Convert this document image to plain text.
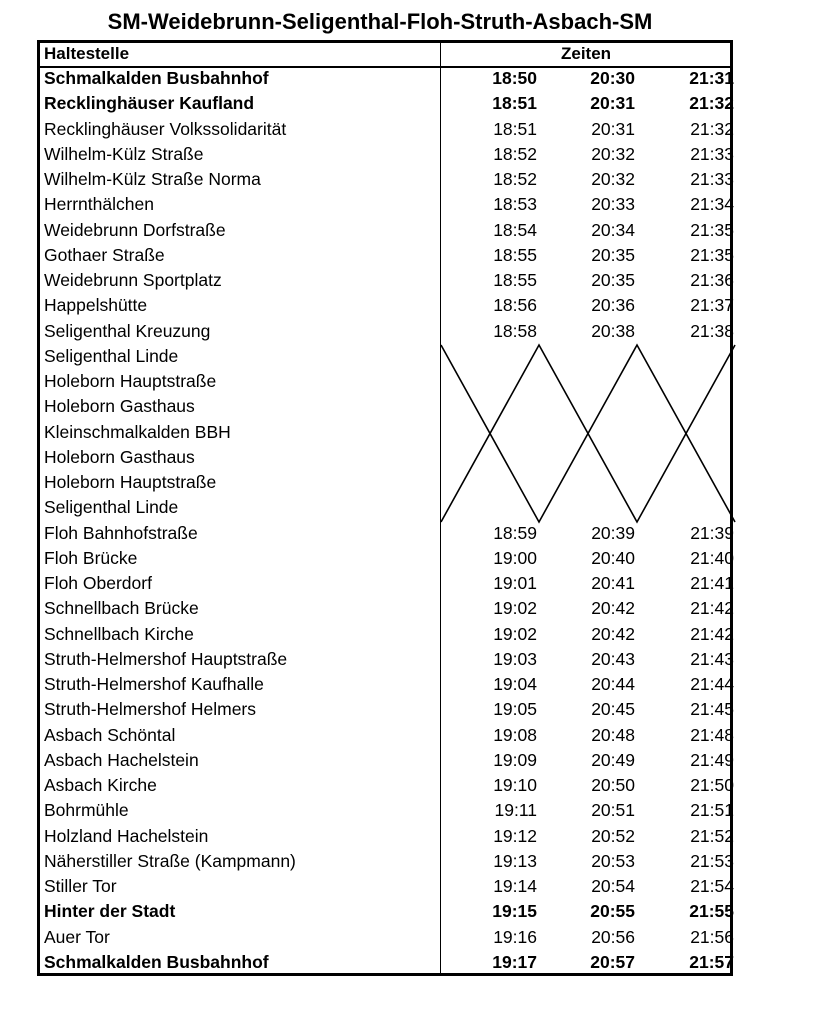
SM-Weidebrunn-Seligenthal-Floh-Struth-Asbach-SM
Haltestelle	Zeiten
Schmalkalden Busbahnhof	18:50	20:30	21:31
Recklinghäuser Kaufland	18:51	20:31	21:32
Recklinghäuser Volkssolidarität	18:51	20:31	21:32
Wilhelm-Külz Straße	18:52	20:32	21:33
Wilhelm-Külz Straße Norma	18:52	20:32	21:33
Herrnthälchen	18:53	20:33	21:34
Weidebrunn Dorfstraße	18:54	20:34	21:35
Gothaer Straße	18:55	20:35	21:35
Weidebrunn Sportplatz	18:55	20:35	21:36
Happelshütte	18:56	20:36	21:37
Seligenthal Kreuzung	18:58	20:38	21:38
Seligenthal Linde
Holeborn Hauptstraße
Holeborn Gasthaus
Kleinschmalkalden BBH
Holeborn Gasthaus
Holeborn Hauptstraße
Seligenthal Linde
Floh Bahnhofstraße	18:59	20:39	21:39
Floh Brücke	19:00	20:40	21:40
Floh Oberdorf	19:01	20:41	21:41
Schnellbach Brücke	19:02	20:42	21:42
Schnellbach Kirche	19:02	20:42	21:42
Struth-Helmershof Hauptstraße	19:03	20:43	21:43
Struth-Helmershof Kaufhalle	19:04	20:44	21:44
Struth-Helmershof Helmers	19:05	20:45	21:45
Asbach Schöntal	19:08	20:48	21:48
Asbach Hachelstein	19:09	20:49	21:49
Asbach Kirche	19:10	20:50	21:50
Bohrmühle	19:11	20:51	21:51
Holzland Hachelstein	19:12	20:52	21:52
Näherstiller Straße (Kampmann)	19:13	20:53	21:53
Stiller Tor	19:14	20:54	21:54
Hinter der Stadt	19:15	20:55	21:55
Auer Tor	19:16	20:56	21:56
Schmalkalden Busbahnhof	19:17	20:57	21:57
